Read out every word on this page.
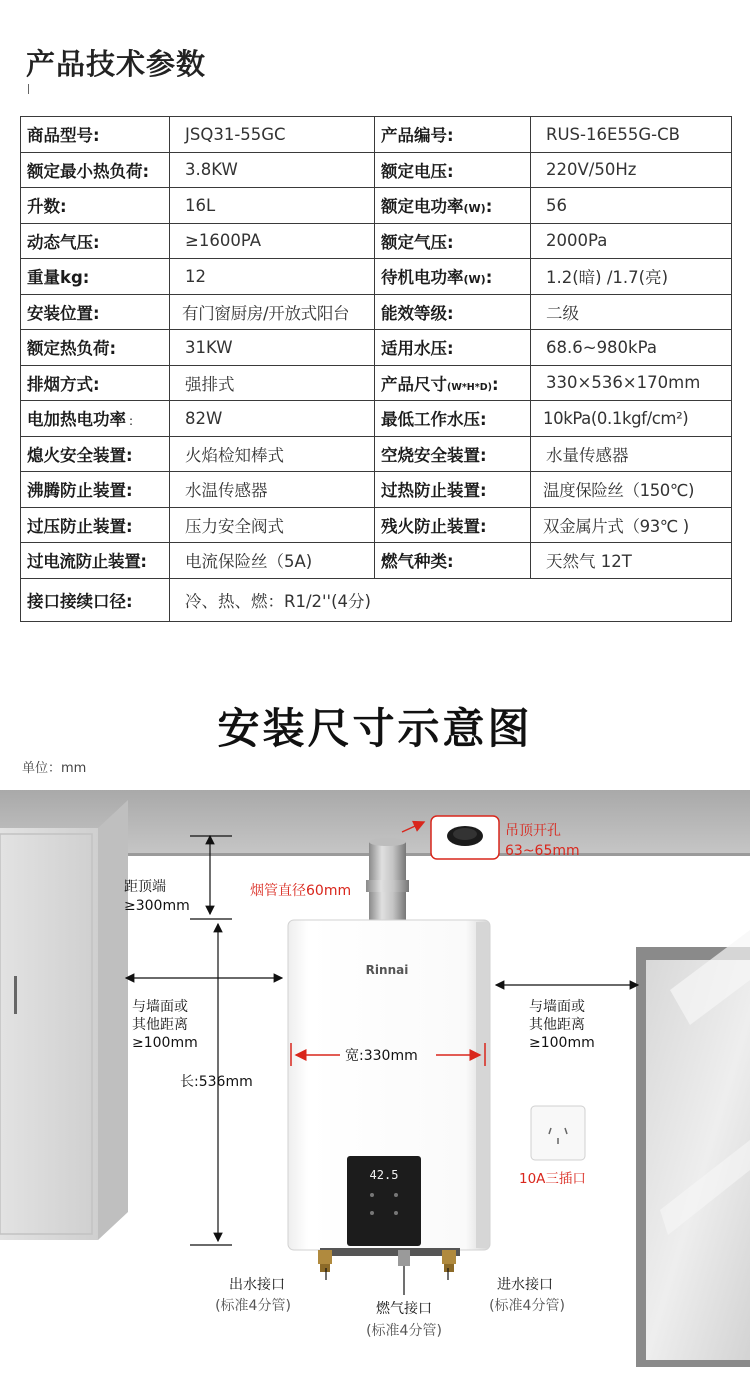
产品技术参数
商品型号:	JSQ31-55GC	产品编号:	RUS-16E55G-CB
额定最小热负荷:	3.8KW	额定电压:	220V/50Hz
升数:	16L	额定电功率(W):	56
动态气压:	≥1600PA	额定气压:	2000Pa
重量kg:	12	待机电功率(W):	1.2(暗) /1.7(亮)
安装位置:	有门窗厨房/开放式阳台	能效等级:	二级
额定热负荷:	31KW	适用水压:	68.6~980kPa
排烟方式:	强排式	产品尺寸(W*H*D):	330×536×170mm
电加热电功率 :	82W	最低工作水压:	10kPa(0.1kgf/cm²)
熄火安全装置:	火焰检知棒式	空烧安全装置:	水量传感器
沸腾防止装置:	水温传感器	过热防止装置:	温度保险丝（150℃)
过压防止装置:	压力安全阀式	残火防止装置:	双金属片式（93℃ )
过电流防止装置:	电流保险丝（5A)	燃气种类:	天然气 12T
接口接续口径:	冷、热、燃：R1/2''(4分)		
安装尺寸示意图
单位：mm
Rinnai
42.5
吊顶开孔
63~65mm
烟管直径60mm
距顶端
≥300mm
与墙面或
其他距离
≥100mm
与墙面或
其他距离
≥100mm
宽:330mm
长:536mm
10A三插口
出水接口
(标准4分管)	燃气接口
(标准4分管)
进水接口
(标准4分管)
